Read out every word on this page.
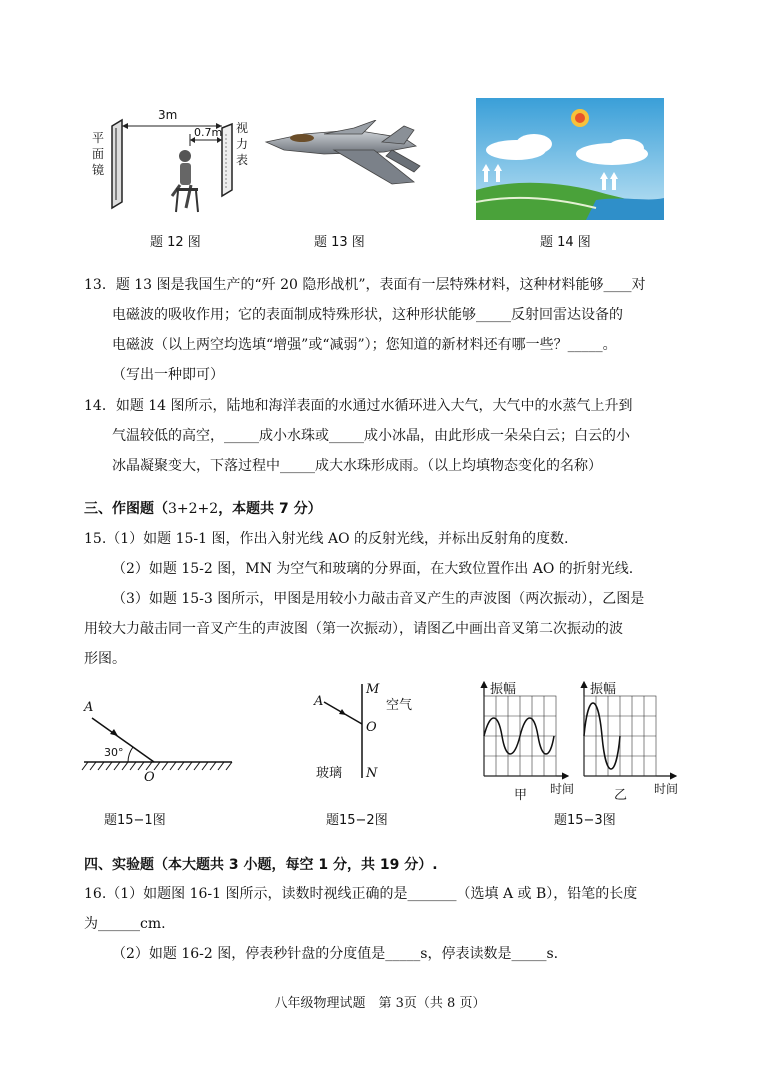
平
面
镜
视
力
表
3m
0.7m
题 12 图	题 13 图	题 14 图
13．题 13 图是我国生产的“歼 20 隐形战机”，表面有一层特殊材料，这种材料能够____对
电磁波的吸收作用；它的表面制成特殊形状，这种形状能够_____反射回雷达设备的
电磁波（以上两空均选填“增强”或“减弱”）；您知道的新材料还有哪一些？_____。
（写出一种即可）
14．如题 14 图所示，陆地和海洋表面的水通过水循环进入大气，大气中的水蒸气上升到
气温较低的高空，_____成小水珠或_____成小冰晶，由此形成一朵朵白云；白云的小
冰晶凝聚变大，下落过程中_____成大水珠形成雨。（以上均填物态变化的名称）
三、作图题（3+2+2，本题共 7 分）
15.（1）如题 15-1 图，作出入射光线 AO 的反射光线，并标出反射角的度数.
（2）如题 15-2 图，MN 为空气和玻璃的分界面，在大致位置作出 AO 的折射光线.
（3）如题 15-3 图所示，甲图是用较小力敲击音叉产生的声波图（两次振动），乙图是
用较大力敲击同一音叉产生的声波图（第一次振动），请图乙中画出音叉第二次振动的波
形图。
A
O
30°
题15−1图
A
M
O
N
空气
玻璃
题15−2图
振幅	振幅
时间	时间
甲	乙
题15−3图
四、实验题（本大题共 3 小题，每空 1 分，共 19 分）.
16.（1）如题图 16-1 图所示，读数时视线正确的是_______（选填 A 或 B），铅笔的长度
为______cm.
（2）如题 16-2 图，停表秒针盘的分度值是_____s，停表读数是_____s.
八年级物理试题　第 3页（共 8 页）
